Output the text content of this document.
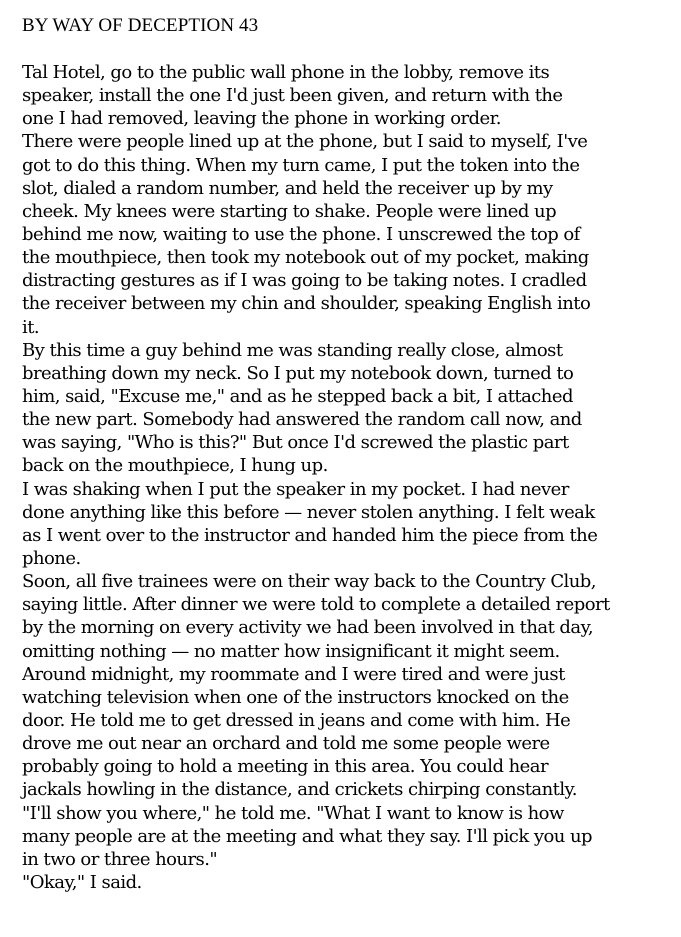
BY WAY OF DECEPTION 43
Tal Hotel, go to the public wall phone in the lobby, remove its
speaker, install the one I'd just been given, and return with the
one I had removed, leaving the phone in working order.
There were people lined up at the phone, but I said to myself, I've
got to do this thing. When my turn came, I put the token into the
slot, dialed a random number, and held the receiver up by my
cheek. My knees were starting to shake. People were lined up
behind me now, waiting to use the phone. I unscrewed the top of
the mouthpiece, then took my notebook out of my pocket, making
distracting gestures as if I was going to be taking notes. I cradled
the receiver between my chin and shoulder, speaking English into
it.
By this time a guy behind me was standing really close, almost
breathing down my neck. So I put my notebook down, turned to
him, said, "Excuse me," and as he stepped back a bit, I attached
the new part. Somebody had answered the random call now, and
was saying, "Who is this?" But once I'd screwed the plastic part
back on the mouthpiece, I hung up.
I was shaking when I put the speaker in my pocket. I had never
done anything like this before — never stolen anything. I felt weak
as I went over to the instructor and handed him the piece from the
phone.
Soon, all five trainees were on their way back to the Country Club,
saying little. After dinner we were told to complete a detailed report
by the morning on every activity we had been involved in that day,
omitting nothing — no matter how insignificant it might seem.
Around midnight, my roommate and I were tired and were just
watching television when one of the instructors knocked on the
door. He told me to get dressed in jeans and come with him. He
drove me out near an orchard and told me some people were
probably going to hold a meeting in this area. You could hear
jackals howling in the distance, and crickets chirping constantly.
"I'll show you where," he told me. "What I want to know is how
many people are at the meeting and what they say. I'll pick you up
in two or three hours."
"Okay," I said.
